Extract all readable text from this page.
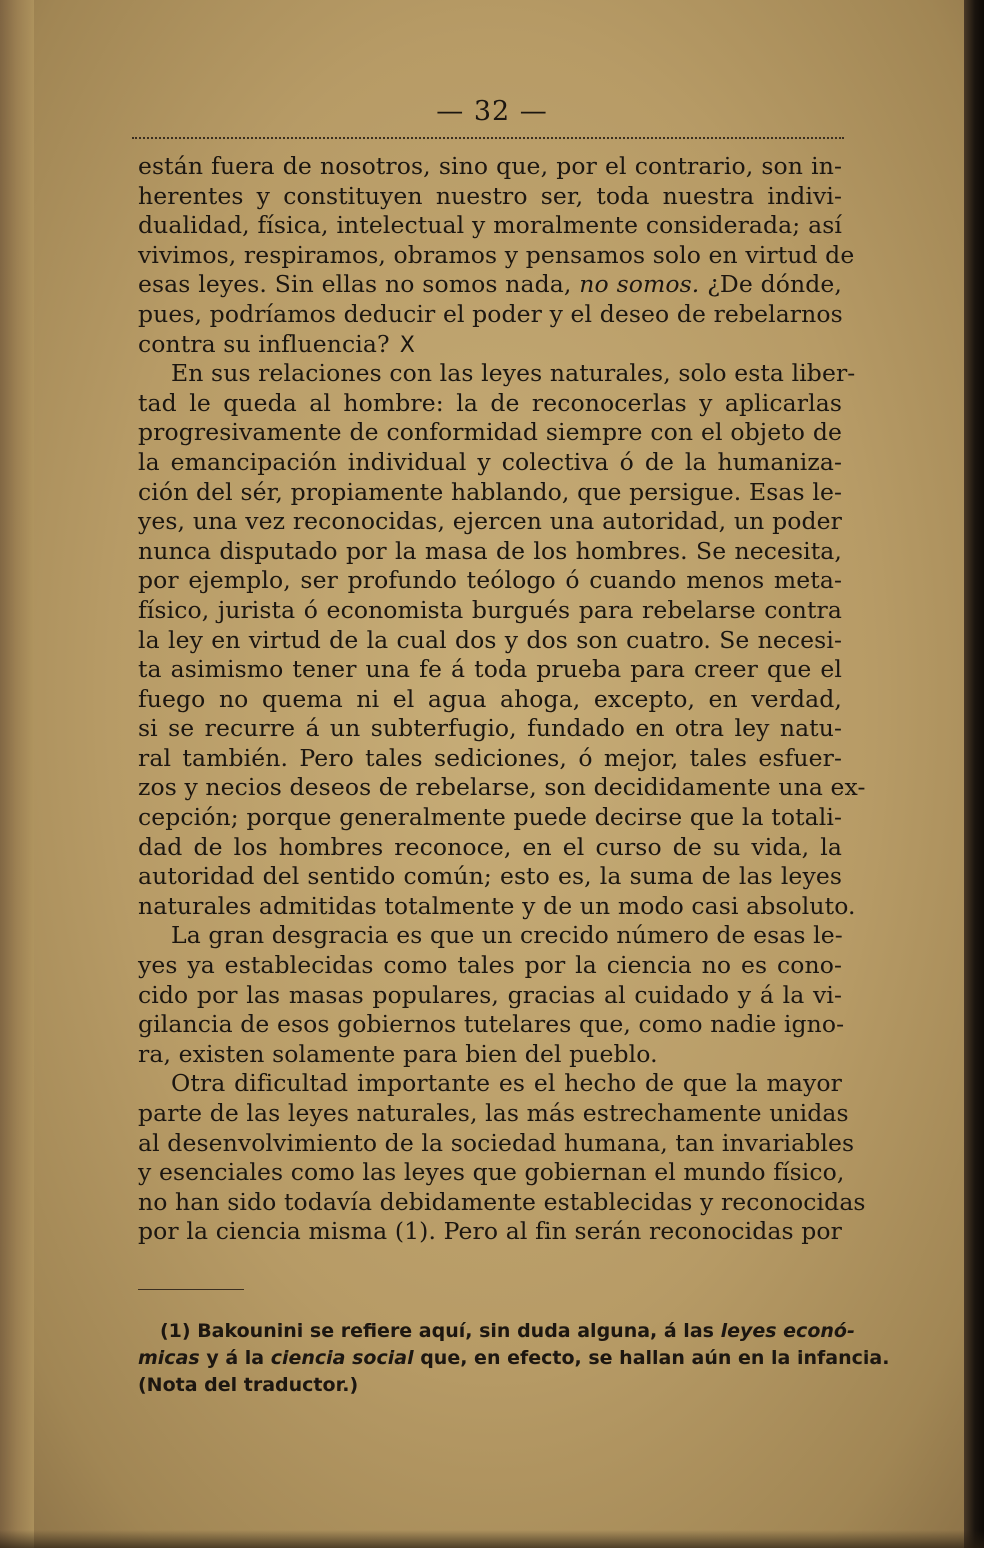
— 32 —
están fuera de nosotros, sino que, por el contrario, son in-
herentes y constituyen nuestro ser, toda nuestra indivi-
dualidad, física, intelectual y moralmente considerada; así
vivimos, respiramos, obramos y pensamos solo en virtud de
esas leyes. Sin ellas no somos nada, no somos. ¿De dónde,
pues, podríamos deducir el poder y el deseo de rebelarnos
contra su influencia? X
En sus relaciones con las leyes naturales, solo esta liber-
tad le queda al hombre: la de reconocerlas y aplicarlas
progresivamente de conformidad siempre con el objeto de
la emancipación individual y colectiva ó de la humaniza-
ción del sér, propiamente hablando, que persigue. Esas le-
yes, una vez reconocidas, ejercen una autoridad, un poder
nunca disputado por la masa de los hombres. Se necesita,
por ejemplo, ser profundo teólogo ó cuando menos meta-
físico, jurista ó economista burgués para rebelarse contra
la ley en virtud de la cual dos y dos son cuatro. Se necesi-
ta asimismo tener una fe á toda prueba para creer que el
fuego no quema ni el agua ahoga, excepto, en verdad,
si se recurre á un subterfugio, fundado en otra ley natu-
ral también. Pero tales sediciones, ó mejor, tales esfuer-
zos y necios deseos de rebelarse, son decididamente una ex-
cepción; porque generalmente puede decirse que la totali-
dad de los hombres reconoce, en el curso de su vida, la
autoridad del sentido común; esto es, la suma de las leyes
naturales admitidas totalmente y de un modo casi absoluto.
La gran desgracia es que un crecido número de esas le-
yes ya establecidas como tales por la ciencia no es cono-
cido por las masas populares, gracias al cuidado y á la vi-
gilancia de esos gobiernos tutelares que, como nadie igno-
ra, existen solamente para bien del pueblo.
Otra dificultad importante es el hecho de que la mayor
parte de las leyes naturales, las más estrechamente unidas
al desenvolvimiento de la sociedad humana, tan invariables
y esenciales como las leyes que gobiernan el mundo físico,
no han sido todavía debidamente establecidas y reconocidas
por la ciencia misma (1). Pero al fin serán reconocidas por
(1) Bakounini se refiere aquí, sin duda alguna, á las leyes econó-
micas y á la ciencia social que, en efecto, se hallan aún en la infancia.
(Nota del traductor.)
